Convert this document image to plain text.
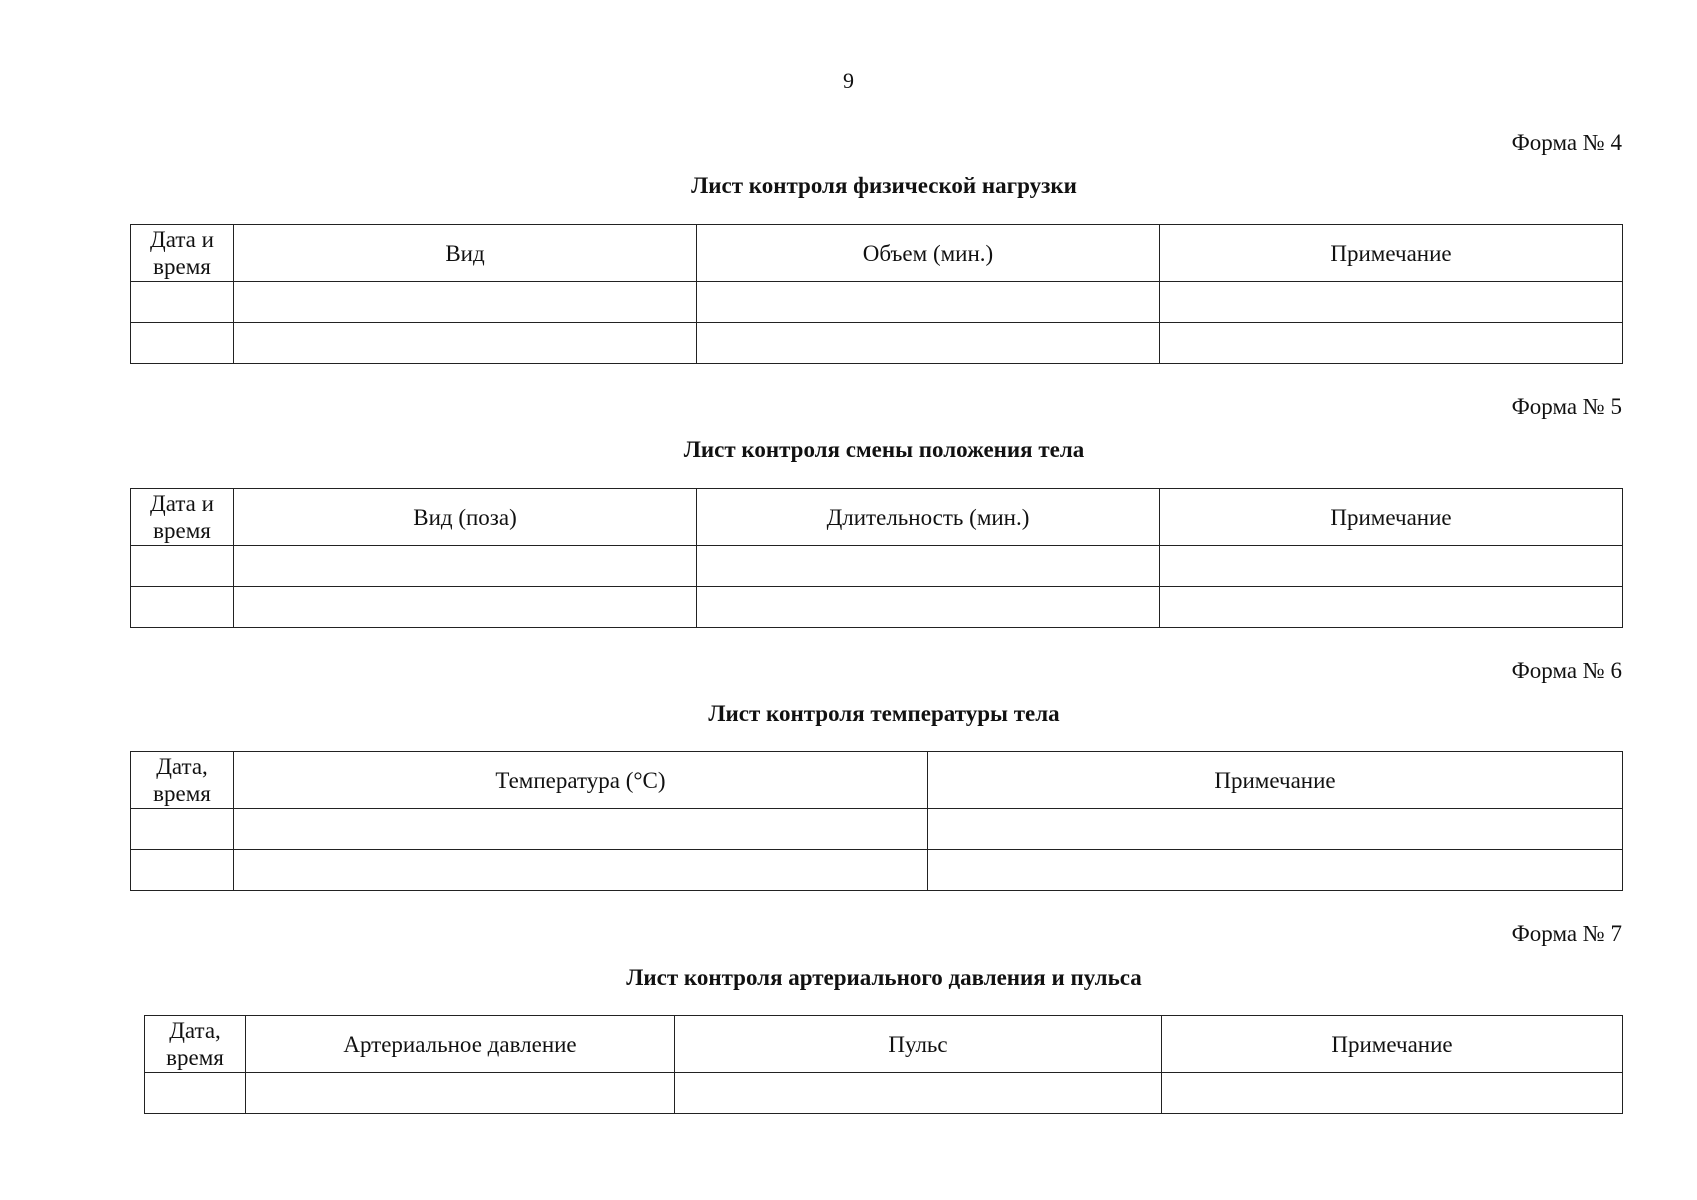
9
Форма № 4
Лист контроля физической нагрузки
Дата и время	Вид	Объем (мин.)	Примечание

Форма № 5
Лист контроля смены положения тела
Дата и время	Вид (поза)	Длительность (мин.)	Примечание

Форма № 6
Лист контроля температуры тела
Дата, время	Температура (°С)	Примечание

Форма № 7
Лист контроля артериального давления и пульса
Дата, время	Артериальное давление	Пульс	Примечание
